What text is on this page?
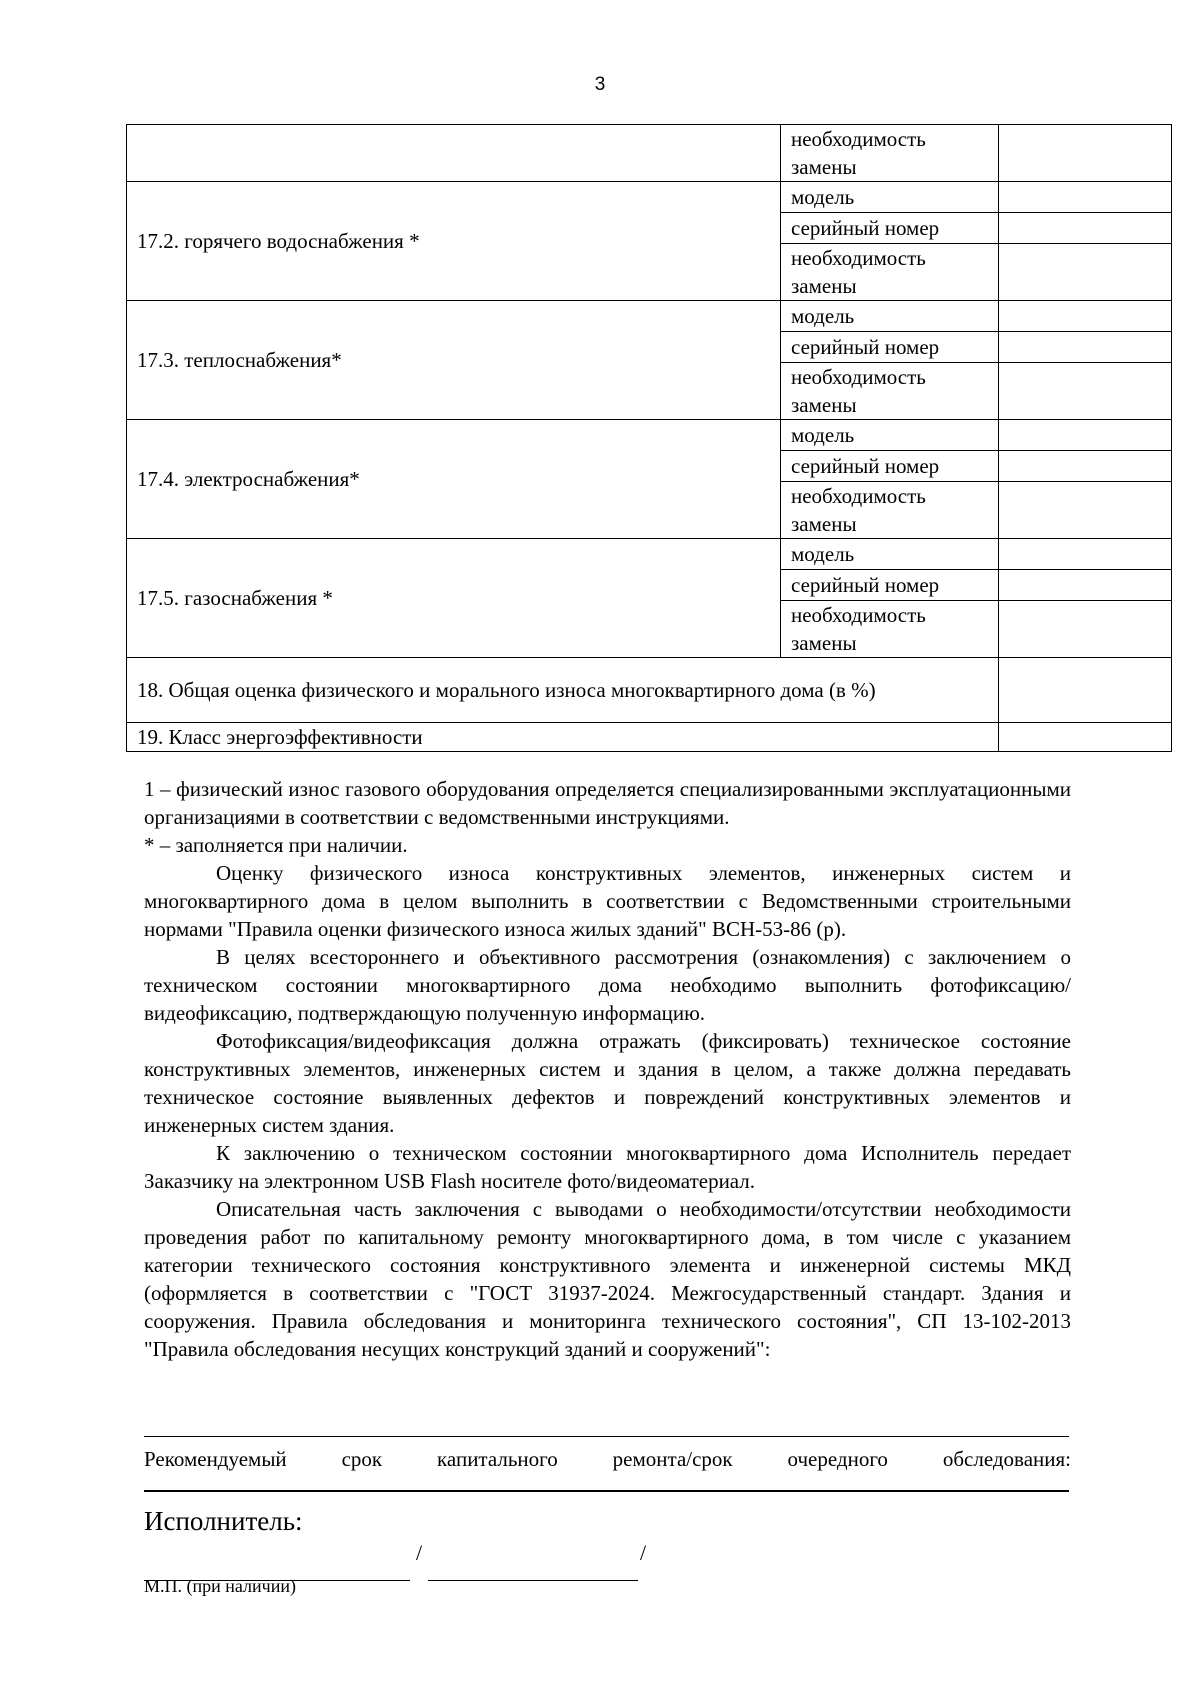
3
	необходимость замены	
17.2. горячего водоснабжения *	модель	
	серийный номер	
	необходимость замены	
17.3. теплоснабжения*	модель	
	серийный номер	
	необходимость замены	
17.4. электроснабжения*	модель	
	серийный номер	
	необходимость замены	
17.5. газоснабжения *	модель	
	серийный номер	
	необходимость замены	
18. Общая оценка физического и морального износа многоквартирного дома (в %)		
19. Класс энергоэффективности		

1 – физический износ газового оборудования определяется специализированными эксплуатационными организациями в соответствии с ведомственными инструкциями.

* – заполняется при наличии.

Оценку физического износа конструктивных элементов, инженерных систем и многоквартирного дома в целом выполнить в соответствии с Ведомственными строительными нормами "Правила оценки физического износа жилых зданий" ВСН-53-86 (р).

В целях всестороннего и объективного рассмотрения (ознакомления) с заключением о техническом состоянии многоквартирного дома необходимо выполнить фотофиксацию/видеофиксацию, подтверждающую полученную информацию.

Фотофиксация/видеофиксация должна отражать (фиксировать) техническое состояние конструктивных элементов, инженерных систем и здания в целом, а также должна передавать техническое состояние выявленных дефектов и повреждений конструктивных элементов и инженерных систем здания.

К заключению о техническом состоянии многоквартирного дома Исполнитель передает Заказчику на электронном USB Flash носителе фото/видеоматериал.

Описательная часть заключения с выводами о необходимости/отсутствии необходимости проведения работ по капитальному ремонту многоквартирного дома, в том числе с указанием категории технического состояния конструктивного элемента и инженерной системы МКД (оформляется в соответствии с "ГОСТ 31937-2024. Межгосударственный стандарт. Здания и сооружения. Правила обследования и мониторинга технического состояния", СП 13-102-2013 "Правила обследования несущих конструкций зданий и сооружений":

Рекомендуемый срок капитального ремонта/срок очередного обследования:
Исполнитель:
/	/
М.П. (при наличии)
